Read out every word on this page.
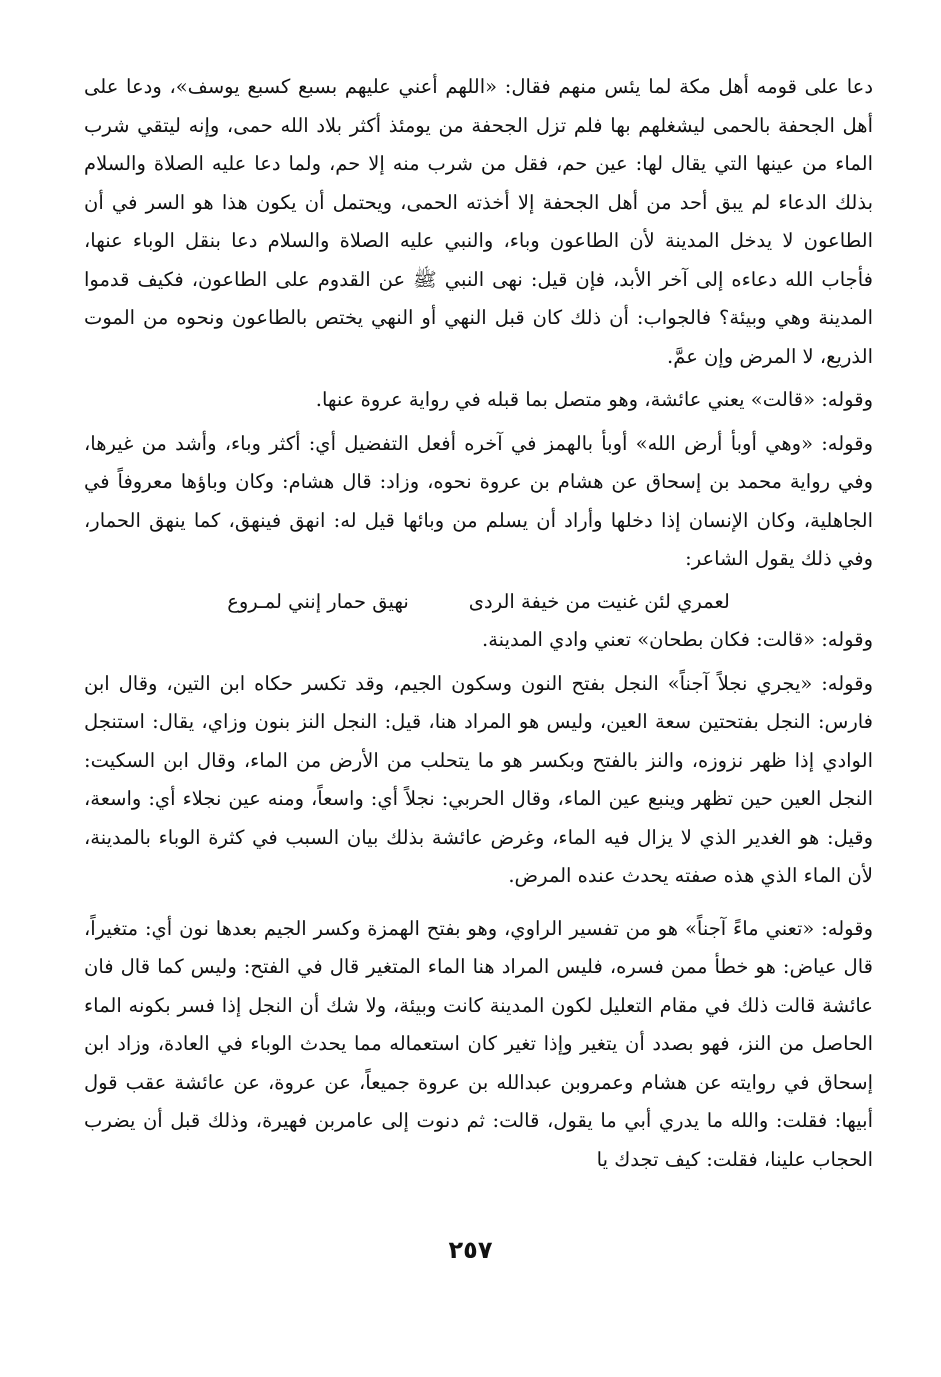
دعا على قومه أهل مكة لما يئس منهم فقال: «اللهم أعني عليهم بسبع كسبع يوسف»، ودعا على أهل الجحفة بالحمى ليشغلهم بها فلم تزل الجحفة من يومئذ أكثر بلاد الله حمى، وإنه ليتقي شرب الماء من عينها التي يقال لها: عين حم، فقل من شرب منه إلا حم، ولما دعا عليه الصلاة والسلام بذلك الدعاء لم يبق أحد من أهل الجحفة إلا أخذته الحمى، ويحتمل أن يكون هذا هو السر في أن الطاعون لا يدخل المدينة لأن الطاعون وباء، والنبي عليه الصلاة والسلام دعا بنقل الوباء عنها، فأجاب الله دعاءه إلى آخر الأبد، فإن قيل: نهى النبي ﷺ عن القدوم على الطاعون، فكيف قدموا المدينة وهي وبيئة؟ فالجواب: أن ذلك كان قبل النهي أو النهي يختص بالطاعون ونحوه من الموت الذريع، لا المرض وإن عمَّ.

وقوله: «قالت» يعني عائشة، وهو متصل بما قبله في رواية عروة عنها.

وقوله: «وهي أوبأ أرض الله» أوبأ بالهمز في آخره أفعل التفضيل أي: أكثر وباء، وأشد من غيرها، وفي رواية محمد بن إسحاق عن هشام بن عروة نحوه، وزاد: قال هشام: وكان وباؤها معروفاً في الجاهلية، وكان الإنسان إذا دخلها وأراد أن يسلم من وبائها قيل له: انهق فينهق، كما ينهق الحمار، وفي ذلك يقول الشاعر:

لعمري لئن غنيت من خيفة الردى
نهيق حمار إنني لمـروع

وقوله: «قالت: فكان بطحان» تعني وادي المدينة.

وقوله: «يجري نجلاً آجناً» النجل بفتح النون وسكون الجيم، وقد تكسر حكاه ابن التين، وقال ابن فارس: النجل بفتحتين سعة العين، وليس هو المراد هنا، قيل: النجل النز بنون وزاي، يقال: استنجل الوادي إذا ظهر نزوزه، والنز بالفتح وبكسر هو ما يتحلب من الأرض من الماء، وقال ابن السكيت: النجل العين حين تظهر وينبع عين الماء، وقال الحربي: نجلاً أي: واسعاً، ومنه عين نجلاء أي: واسعة، وقيل: هو الغدير الذي لا يزال فيه الماء، وغرض عائشة بذلك بيان السبب في كثرة الوباء بالمدينة، لأن الماء الذي هذه صفته يحدث عنده المرض.

وقوله: «تعني ماءً آجناً» هو من تفسير الراوي، وهو بفتح الهمزة وكسر الجيم بعدها نون أي: متغيراً، قال عياض: هو خطأ ممن فسره، فليس المراد هنا الماء المتغير قال في الفتح: وليس كما قال فان عائشة قالت ذلك في مقام التعليل لكون المدينة كانت وبيئة، ولا شك أن النجل إذا فسر بكونه الماء الحاصل من النز، فهو بصدد أن يتغير وإذا تغير كان استعماله مما يحدث الوباء في العادة، وزاد ابن إسحاق في روايته عن هشام وعمروبن عبدالله بن عروة جميعاً، عن عروة، عن عائشة عقب قول أبيها: فقلت: والله ما يدري أبي ما يقول، قالت: ثم دنوت إلى عامربن فهيرة، وذلك قبل أن يضرب الحجاب علينا، فقلت: كيف تجدك يا

٢٥٧
